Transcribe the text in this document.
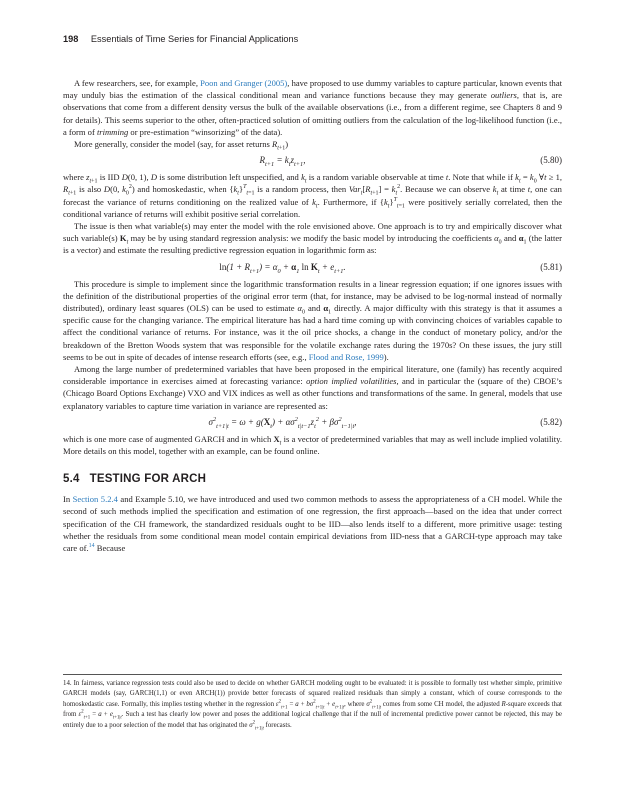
198 Essentials of Time Series for Financial Applications

A few researchers, see, for example, Poon and Granger (2005), have proposed to use dummy variables to capture particular, known events that may unduly bias the estimation of the classical conditional mean and variance functions because they may generate outliers, that is, are observations that come from a different density versus the bulk of the available observations (i.e., from a different regime, see Chapters 8 and 9 for details). This seems superior to the other, often-practiced solution of omitting outliers from the calculation of the log-likelihood function (i.e., a form of trimming or pre-estimation “winsorizing” of the data).

More generally, consider the model (say, for asset returns $R_{t+1}$)

$R_{t+1} = k_tz_{t+1}$,	(5.80)

where $z_{t+1}$ is IID D(0, 1), D is some distribution left unspecified, and $k_t$ is a random variable observable at time t. Note that while if $k_t = k_0$ ∀t ≥ 1, $R_{t+1}$ is also D(0, $k_0^2$) and homoskedastic, when $\{k_t\}^T_{t=1}$ is a random process, then $Var_t[R_{t+1}] = k_t^2$. Because we can observe $k_t$ at time t, one can forecast the variance of returns conditioning on the realized value of $k_t$. Furthermore, if $\{k_t\}^T_{t=1}$ were positively serially correlated, then the conditional variance of returns will exhibit positive serial correlation.

The issue is then what variable(s) may enter the model with the role envisioned above. One approach is to try and empirically discover what such variable(s) $K_t$ may be by using standard regression analysis: we modify the basic model by introducing the coefficients $\alpha_0$ and $\alpha_1$ (the latter is a vector) and estimate the resulting predictive regression equation in logarithmic form as:

$\ln(1 + R_{t+1}) = \alpha_0 + \alpha_1$ $\ln K_t + e_{t+1}$.	(5.81)

This procedure is simple to implement since the logarithmic transformation results in a linear regression equation; if one ignores issues with the definition of the distributional properties of the original error term (that, for instance, may be advised to be log-normal instead of normally distributed), ordinary least squares (OLS) can be used to estimate $\alpha_0$ and $\alpha_1$ directly. A major difficulty with this strategy is that it assumes a specific cause for the changing variance. The empirical literature has had a hard time coming up with convincing choices of variables capable to affect the conditional variance of returns. For instance, was it the oil price shocks, a change in the conduct of monetary policy, and/or the breakdown of the Bretton Woods system that was responsible for the volatile exchange rates during the 1970s? On these issues, the jury still seems to be out in spite of decades of intense research efforts (see, e.g., Flood and Rose, 1999).

Among the large number of predetermined variables that have been proposed in the empirical literature, one (family) has recently acquired considerable importance in exercises aimed at forecasting variance: option implied volatilities, and in particular the (square of the) CBOE’s (Chicago Board Options Exchange) VXO and VIX indices as well as other functions and transformations of the same. In general, models that use explanatory variables to capture time variation in variance are represented as:

$\sigma^2_{t+1|t} = \omega + g(X_t) + \alpha\sigma^2_{t|t-1}z_t^2 + \beta\sigma^2_{t-1|t}$,	(5.82)

which is one more case of augmented GARCH and in which $X_t$ is a vector of predetermined variables that may as well include implied volatility. More details on this model, together with an example, can be found online.

5.4 TESTING FOR ARCH

In Section 5.2.4 and Example 5.10, we have introduced and used two common methods to assess the appropriateness of a CH model. While the second of such methods implied the specification and estimation of one regression, the first approach—based on the idea that under correct specification of the CH framework, the standardized residuals ought to be IID—also lends itself to a different, more primitive usage: testing whether the residuals from some conditional mean model contain empirical deviations from IID-ness that a GARCH-type approach may take care of.$^{14}$ Because

14. In fairness, variance regression tests could also be used to decide on whether GARCH modeling ought to be evaluated: it is possible to formally test whether simple, primitive GARCH models (say, GARCH(1,1) or even ARCH(1)) provide better forecasts of squared realized residuals than simply a constant, which of course corresponds to the homoskedastic case. Formally, this implies testing whether in the regression $\varepsilon^2_{t+1} = a + b\sigma^2_{t+1|t} + e_{t+1|t}$, where $\sigma^2_{t+1|t}$ comes from some CH model, the adjusted R-square exceeds that from $\varepsilon^2_{t+1} = a + e_{t+1|t}$. Such a test has clearly low power and poses the additional logical challenge that if the null of incremental predictive power cannot be rejected, this may be entirely due to a poor selection of the model that has originated the $\sigma^2_{t+1|t}$ forecasts.
